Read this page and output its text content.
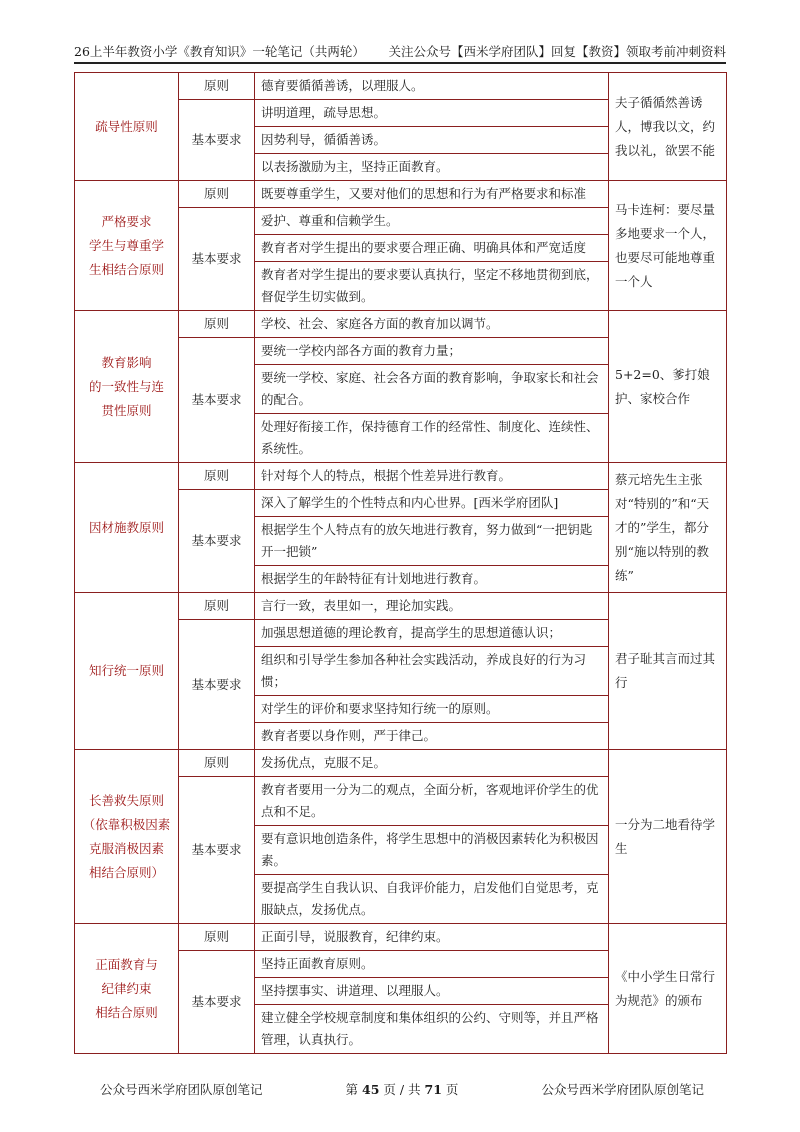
26上半年教资小学《教育知识》一轮笔记（共两轮） 关注公众号【西米学府团队】回复【教资】领取考前冲刺资料
疏导性原则	原则	德育要循循善诱，以理服人。	夫子循循然善诱人，博我以文，约我以礼，欲罢不能
	基本要求	讲明道理，疏导思想。	
		因势利导，循循善诱。	
		以表扬激励为主，坚持正面教育。	

严格要求
学生与尊重学
生相结合原则	原则	既要尊重学生，又要对他们的思想和行为有严格要求和标准	马卡连柯：要尽量多地要求一个人，也要尽可能地尊重一个人
	基本要求	爱护、尊重和信赖学生。	
		教育者对学生提出的要求要合理正确、明确具体和严宽适度	
		教育者对学生提出的要求要认真执行，坚定不移地贯彻到底，督促学生切实做到。	

教育影响
的一致性与连
贯性原则	原则	学校、社会、家庭各方面的教育加以调节。	5+2=0、爹打娘护、家校合作
	基本要求	要统一学校内部各方面的教育力量；	
		要统一学校、家庭、社会各方面的教育影响，争取家长和社会的配合。	
		处理好衔接工作，保持德育工作的经常性、制度化、连续性、系统性。	

因材施教原则	原则	针对每个人的特点，根据个性差异进行教育。	蔡元培先生主张对“特别的”和“天才的”学生，都分别“施以特别的教练”
	基本要求	深入了解学生的个性特点和内心世界。[西米学府团队]	
		根据学生个人特点有的放矢地进行教育，努力做到“一把钥匙开一把锁”	
		根据学生的年龄特征有计划地进行教育。	

知行统一原则	原则	言行一致，表里如一，理论加实践。	君子耻其言而过其行
	基本要求	加强思想道德的理论教育，提高学生的思想道德认识；	
		组织和引导学生参加各种社会实践活动，养成良好的行为习惯；	
		对学生的评价和要求坚持知行统一的原则。	
		教育者要以身作则，严于律己。	

长善救失原则
（依靠积极因素
克服消极因素
相结合原则）	原则	发扬优点，克服不足。	一分为二地看待学生
	基本要求	教育者要用一分为二的观点，全面分析，客观地评价学生的优点和不足。	
		要有意识地创造条件，将学生思想中的消极因素转化为积极因素。	
		要提高学生自我认识、自我评价能力，启发他们自觉思考，克服缺点，发扬优点。	

正面教育与
纪律约束
相结合原则	原则	正面引导，说服教育，纪律约束。	《中小学生日常行为规范》的颁布
	基本要求	坚持正面教育原则。	
		坚持摆事实、讲道理、以理服人。	
		建立健全学校规章制度和集体组织的公约、守则等，并且严格管理，认真执行。	
公众号西米学府团队原创笔记	第 45 页 / 共 71 页	公众号西米学府团队原创笔记
